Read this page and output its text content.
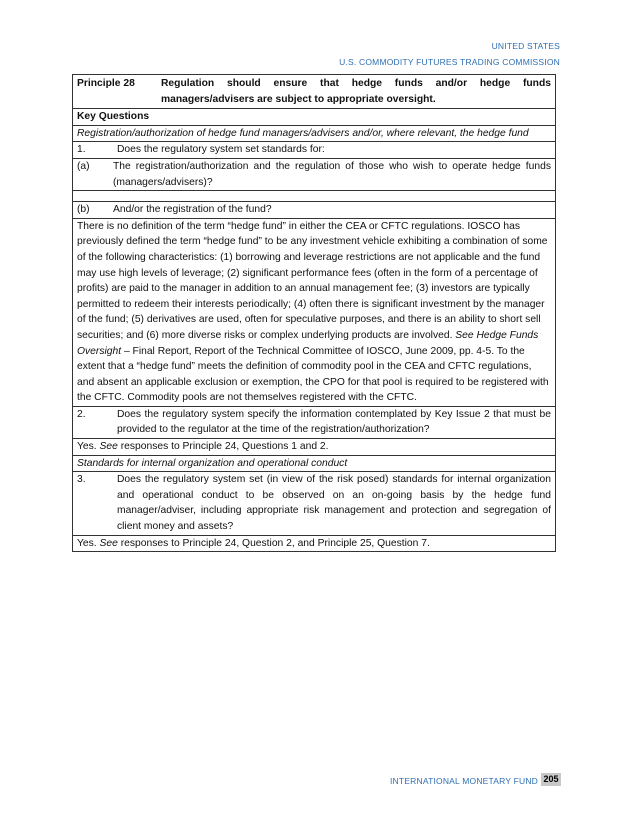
UNITED STATES
U.S. COMMODITY FUTURES TRADING COMMISSION
Principle 28	Regulation should ensure that hedge funds and/or hedge funds managers/advisers are subject to appropriate oversight.

Key Questions
Registration/authorization of hedge fund managers/advisers and/or, where relevant, the hedge fund

1.	Does the regulatory system set standards for:

(a)	The registration/authorization and the regulation of those who wish to operate hedge funds (managers/advisers)?

(b)	And/or the registration of the fund?

There is no definition of the term “hedge fund” in either the CEA or CFTC regulations. IOSCO has previously defined the term “hedge fund” to be any investment vehicle exhibiting a combination of some of the following characteristics: (1) borrowing and leverage restrictions are not applicable and the fund may use high levels of leverage; (2) significant performance fees (often in the form of a percentage of profits) are paid to the manager in addition to an annual management fee; (3) investors are typically permitted to redeem their interests periodically; (4) often there is significant investment by the manager of the fund; (5) derivatives are used, often for speculative purposes, and there is an ability to short sell securities; and (6) more diverse risks or complex underlying products are involved. See Hedge Funds Oversight – Final Report, Report of the Technical Committee of IOSCO, June 2009, pp. 4-5. To the extent that a “hedge fund” meets the definition of commodity pool in the CEA and CFTC regulations, and absent an applicable exclusion or exemption, the CPO for that pool is required to be registered with the CFTC. Commodity pools are not themselves registered with the CFTC.

2.	Does the regulatory system specify the information contemplated by Key Issue 2 that must be provided to the regulator at the time of the registration/authorization?

Yes. See responses to Principle 24, Questions 1 and 2.
Standards for internal organization and operational conduct

3.	Does the regulatory system set (in view of the risk posed) standards for internal organization and operational conduct to be observed on an on-going basis by the hedge fund manager/adviser, including appropriate risk management and protection and segregation of client money and assets?

Yes. See responses to Principle 24, Question 2, and Principle 25, Question 7.
INTERNATIONAL MONETARY FUND 205
